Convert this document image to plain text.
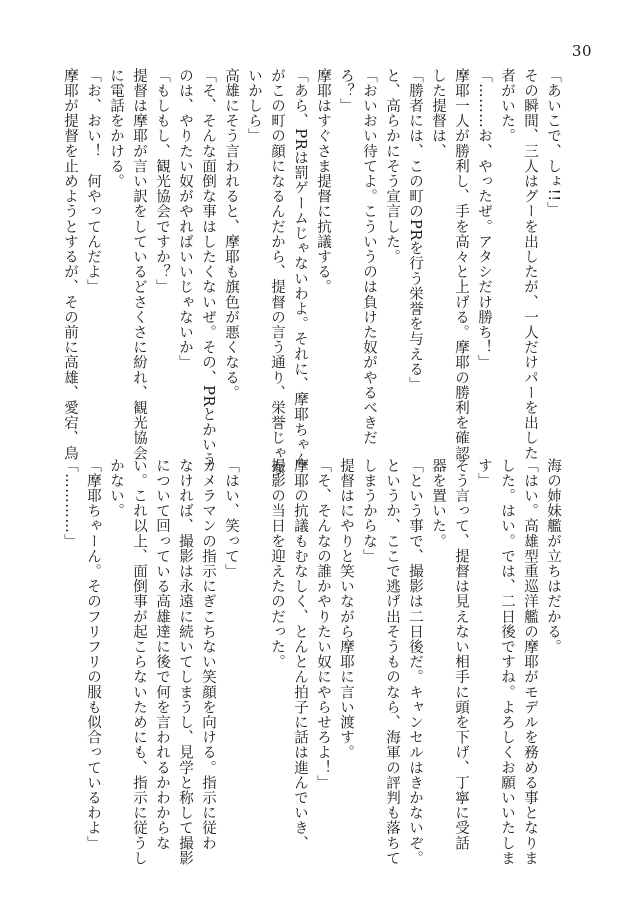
30
「あいこで、しょ!!」
その瞬間、三人はグーを出したが、一人だけパーを出した
者がいた。
「………お、やったぜ。アタシだけ勝ち！」
摩耶一人が勝利し、手を高々と上げる。摩耶の勝利を確認
した提督は、
「勝者には、この町のPRを行う栄誉を与える」
と、高らかにそう宣言した。
「おいおい待てよ。こういうのは負けた奴がやるべきだ
ろ？」
摩耶はすぐさま提督に抗議する。
「あら、PRは罰ゲームじゃないわよ。それに、摩耶ちゃん
がこの町の顔になるんだから、提督の言う通り、栄誉じゃな
いかしら」
高雄にそう言われると、摩耶も旗色が悪くなる。
「そ、そんな面倒な事はしたくないぜ。その、PRとかいう
のは、やりたい奴がやればいいじゃないか」
「もしもし、観光協会ですか？」
提督は摩耶が言い訳をしているどさくさに紛れ、観光協会
に電話をかける。
「お、おい！　何やってんだよ」
摩耶が提督を止めようとするが、その前に高雄、愛宕、鳥
海の姉妹艦が立ちはだかる。
「はい。高雄型重巡洋艦の摩耶がモデルを務める事となりま
した。はい。では、二日後ですね。よろしくお願いいたしま
す」
そう言って、提督は見えない相手に頭を下げ、丁寧に受話
器を置いた。
「という事で、撮影は二日後だ。キャンセルはきかないぞ。
というか、ここで逃げ出そうものなら、海軍の評判も落ちて
しまうからな」
提督はにやりと笑いながら摩耶に言い渡す。
「そ、そんなの誰かやりたい奴にやらせろよ！」
摩耶の抗議もむなしく、とんとん拍子に話は進んでいき、
撮影の当日を迎えたのだった。

「はい、笑って」
カメラマンの指示にぎこちない笑顔を向ける。指示に従わ
なければ、撮影は永遠に続いてしまうし、見学と称して撮影
について回っている高雄達に後で何を言われるかわからな
い。これ以上、面倒事が起こらないためにも、指示に従うし
かない。
「摩耶ちゃーん。そのフリフリの服も似合っているわよ」
「…………」
